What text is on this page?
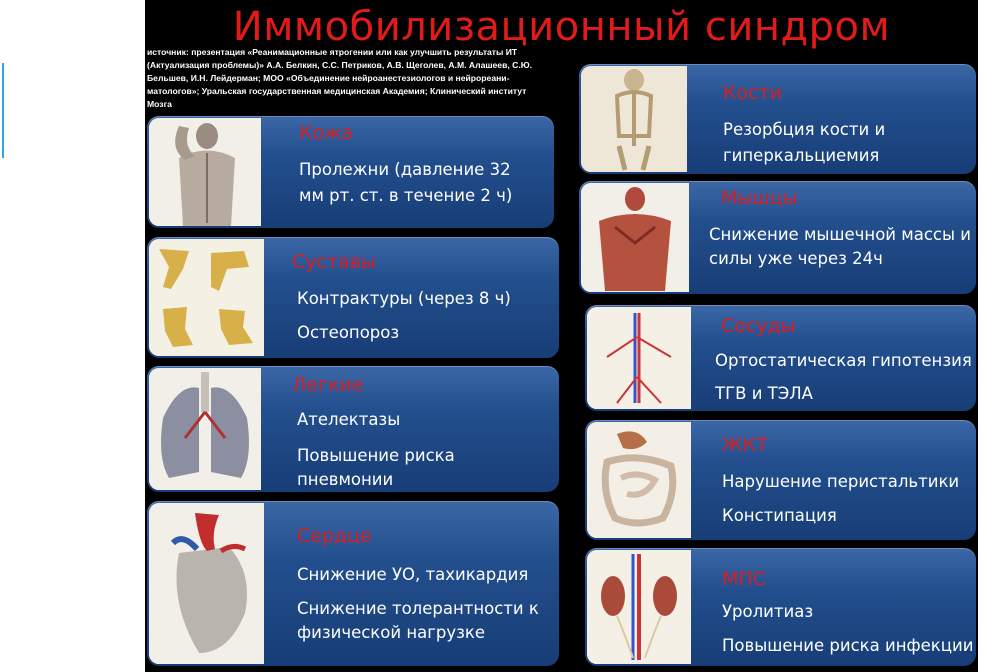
Иммобилизационный синдром
источник: презентация «Реанимационные ятрогении или как улучшить результаты ИТ
(Актуализация проблемы)» А.А. Белкин, С.С. Петриков, А.В. Щеголев, А.М. Алашеев, С.Ю.
Бельшев, И.Н. Лейдерман; МОО «Объединение нейроанестезиологов и нейрореани-
матологов»; Уральская государственная медицинская Академия; Клинический институт
Мозга
Кожа
Пролежни (давление 32
мм рт. ст. в течение 2 ч)
Суставы
Контрактуры (через 8 ч)
Остеопороз
Легкие
Ателектазы
Повышение риска
пневмонии
Сердце
Снижение УО, тахикардия
Снижение толерантности к
физической нагрузке
Кости
Резорбция кости и
гиперкальциемия
Мышцы
Снижение мышечной массы и
силы уже через 24ч
Сосуды
Ортостатическая гипотензия
ТГВ и ТЭЛА
ЖКТ
Нарушение перистальтики
Констипация
МПС
Уролитиаз
Повышение риска инфекции
